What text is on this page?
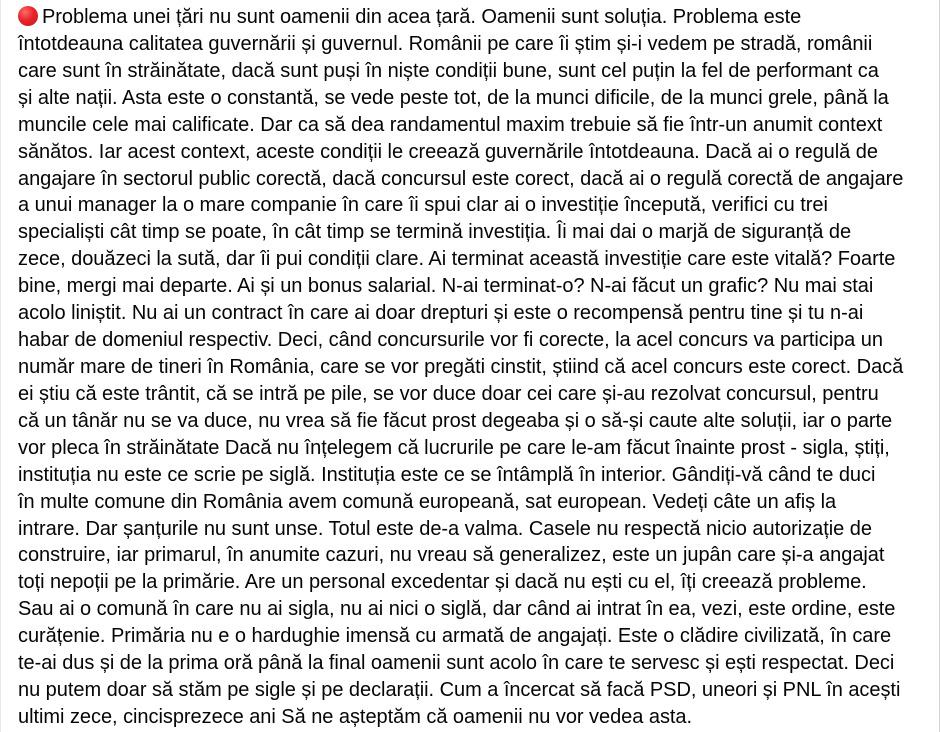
Problema unei țări nu sunt oamenii din acea țară. Oamenii sunt soluția. Problema este
întotdeauna calitatea guvernării și guvernul. Românii pe care îi știm și-i vedem pe stradă, românii
care sunt în străinătate, dacă sunt puși în niște condiții bune, sunt cel puțin la fel de performant ca
și alte nații. Asta este o constantă, se vede peste tot, de la munci dificile, de la munci grele, până la
muncile cele mai calificate. Dar ca să dea randamentul maxim trebuie să fie într-un anumit context
sănătos. Iar acest context, aceste condiții le creează guvernările întotdeauna. Dacă ai o regulă de
angajare în sectorul public corectă, dacă concursul este corect, dacă ai o regulă corectă de angajare
a unui manager la o mare companie în care îi spui clar ai o investiție începută, verifici cu trei
specialiști cât timp se poate, în cât timp se termină investiția. Îi mai dai o marjă de siguranță de
zece, douăzeci la sută, dar îi pui condiții clare. Ai terminat această investiție care este vitală? Foarte
bine, mergi mai departe. Ai și un bonus salarial. N-ai terminat-o? N-ai făcut un grafic? Nu mai stai
acolo liniștit. Nu ai un contract în care ai doar drepturi și este o recompensă pentru tine și tu n-ai
habar de domeniul respectiv. Deci, când concursurile vor fi corecte, la acel concurs va participa un
număr mare de tineri în România, care se vor pregăti cinstit, știind că acel concurs este corect. Dacă
ei știu că este trântit, că se intră pe pile, se vor duce doar cei care și-au rezolvat concursul, pentru
că un tânăr nu se va duce, nu vrea să fie făcut prost degeaba și o să-și caute alte soluții, iar o parte
vor pleca în străinătate Dacă nu înțelegem că lucrurile pe care le-am făcut înainte prost - sigla, știți,
instituția nu este ce scrie pe siglă. Instituția este ce se întâmplă în interior. Gândiți-vă când te duci
în multe comune din România avem comună europeană, sat european. Vedeți câte un afiș la
intrare. Dar șanțurile nu sunt unse. Totul este de-a valma. Casele nu respectă nicio autorizație de
construire, iar primarul, în anumite cazuri, nu vreau să generalizez, este un jupân care și-a angajat
toți nepoții pe la primărie. Are un personal excedentar și dacă nu ești cu el, îți creează probleme.
Sau ai o comună în care nu ai sigla, nu ai nici o siglă, dar când ai intrat în ea, vezi, este ordine, este
curățenie. Primăria nu e o hardughie imensă cu armată de angajați. Este o clădire civilizată, în care
te-ai dus și de la prima oră până la final oamenii sunt acolo în care te servesc și ești respectat. Deci
nu putem doar să stăm pe sigle și pe declarații. Cum a încercat să facă PSD, uneori și PNL în acești
ultimi zece, cincisprezece ani Să ne așteptăm că oamenii nu vor vedea asta.
